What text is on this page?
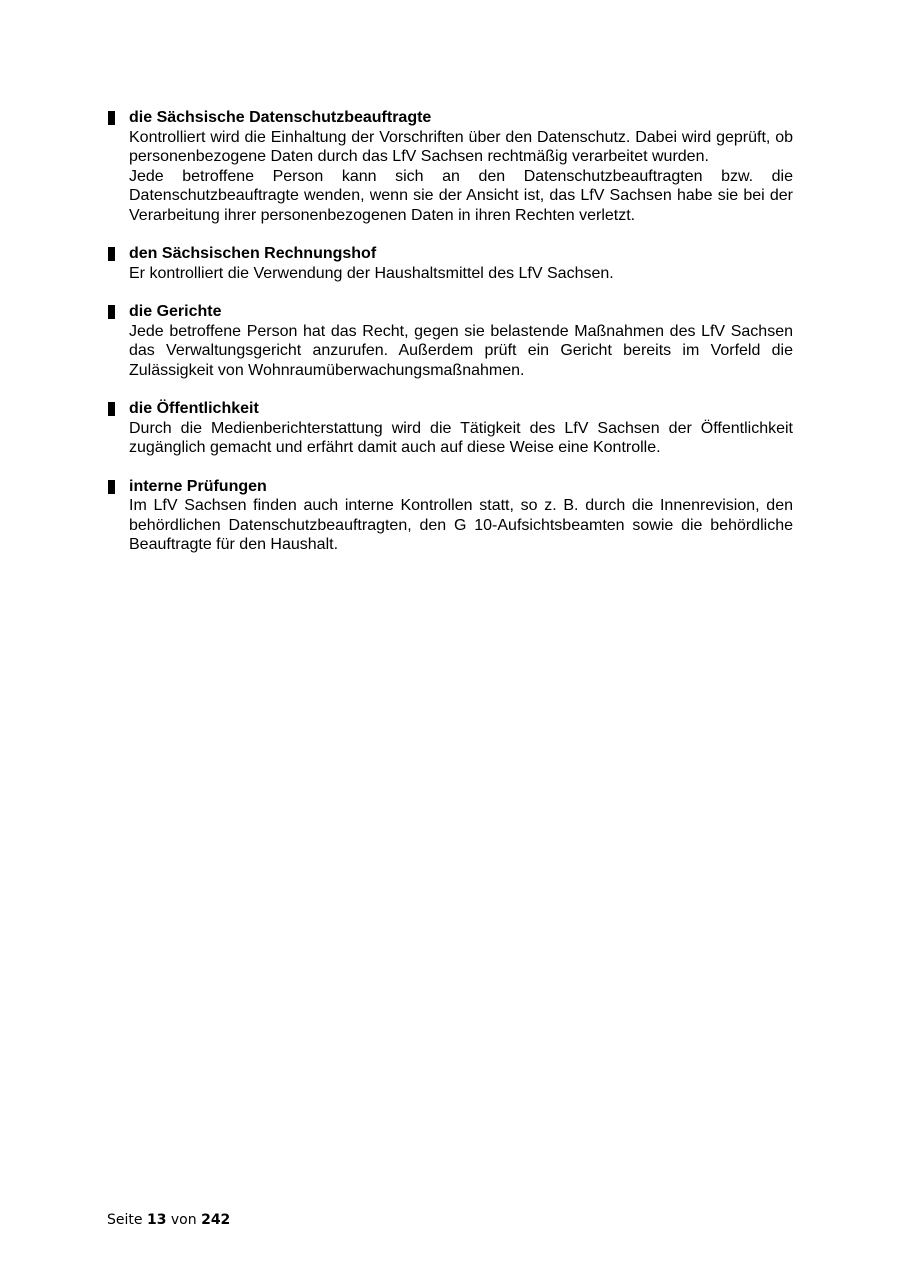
die Sächsische Datenschutzbeauftragte

Kontrolliert wird die Einhaltung der Vorschriften über den Datenschutz. Dabei wird geprüft, ob personenbezogene Daten durch das LfV Sachsen rechtmäßig verarbeitet wurden.

Jede betroffene Person kann sich an den Datenschutzbeauftragten bzw. die Datenschutzbeauftragte wenden, wenn sie der Ansicht ist, das LfV Sachsen habe sie bei der Verarbeitung ihrer personenbezogenen Daten in ihren Rechten verletzt.

den Sächsischen Rechnungshof

Er kontrolliert die Verwendung der Haushaltsmittel des LfV Sachsen.

die Gerichte

Jede betroffene Person hat das Recht, gegen sie belastende Maßnahmen des LfV Sachsen das Verwaltungsgericht anzurufen. Außerdem prüft ein Gericht bereits im Vorfeld die Zulässigkeit von Wohnraumüberwachungsmaßnahmen.

die Öffentlichkeit

Durch die Medienberichterstattung wird die Tätigkeit des LfV Sachsen der Öffentlichkeit zugänglich gemacht und erfährt damit auch auf diese Weise eine Kontrolle.

interne Prüfungen

Im LfV Sachsen finden auch interne Kontrollen statt, so z. B. durch die Innenrevision, den behördlichen Datenschutzbeauftragten, den G 10-Aufsichtsbeamten sowie die behördliche Beauftragte für den Haushalt.

Seite 13 von 242
